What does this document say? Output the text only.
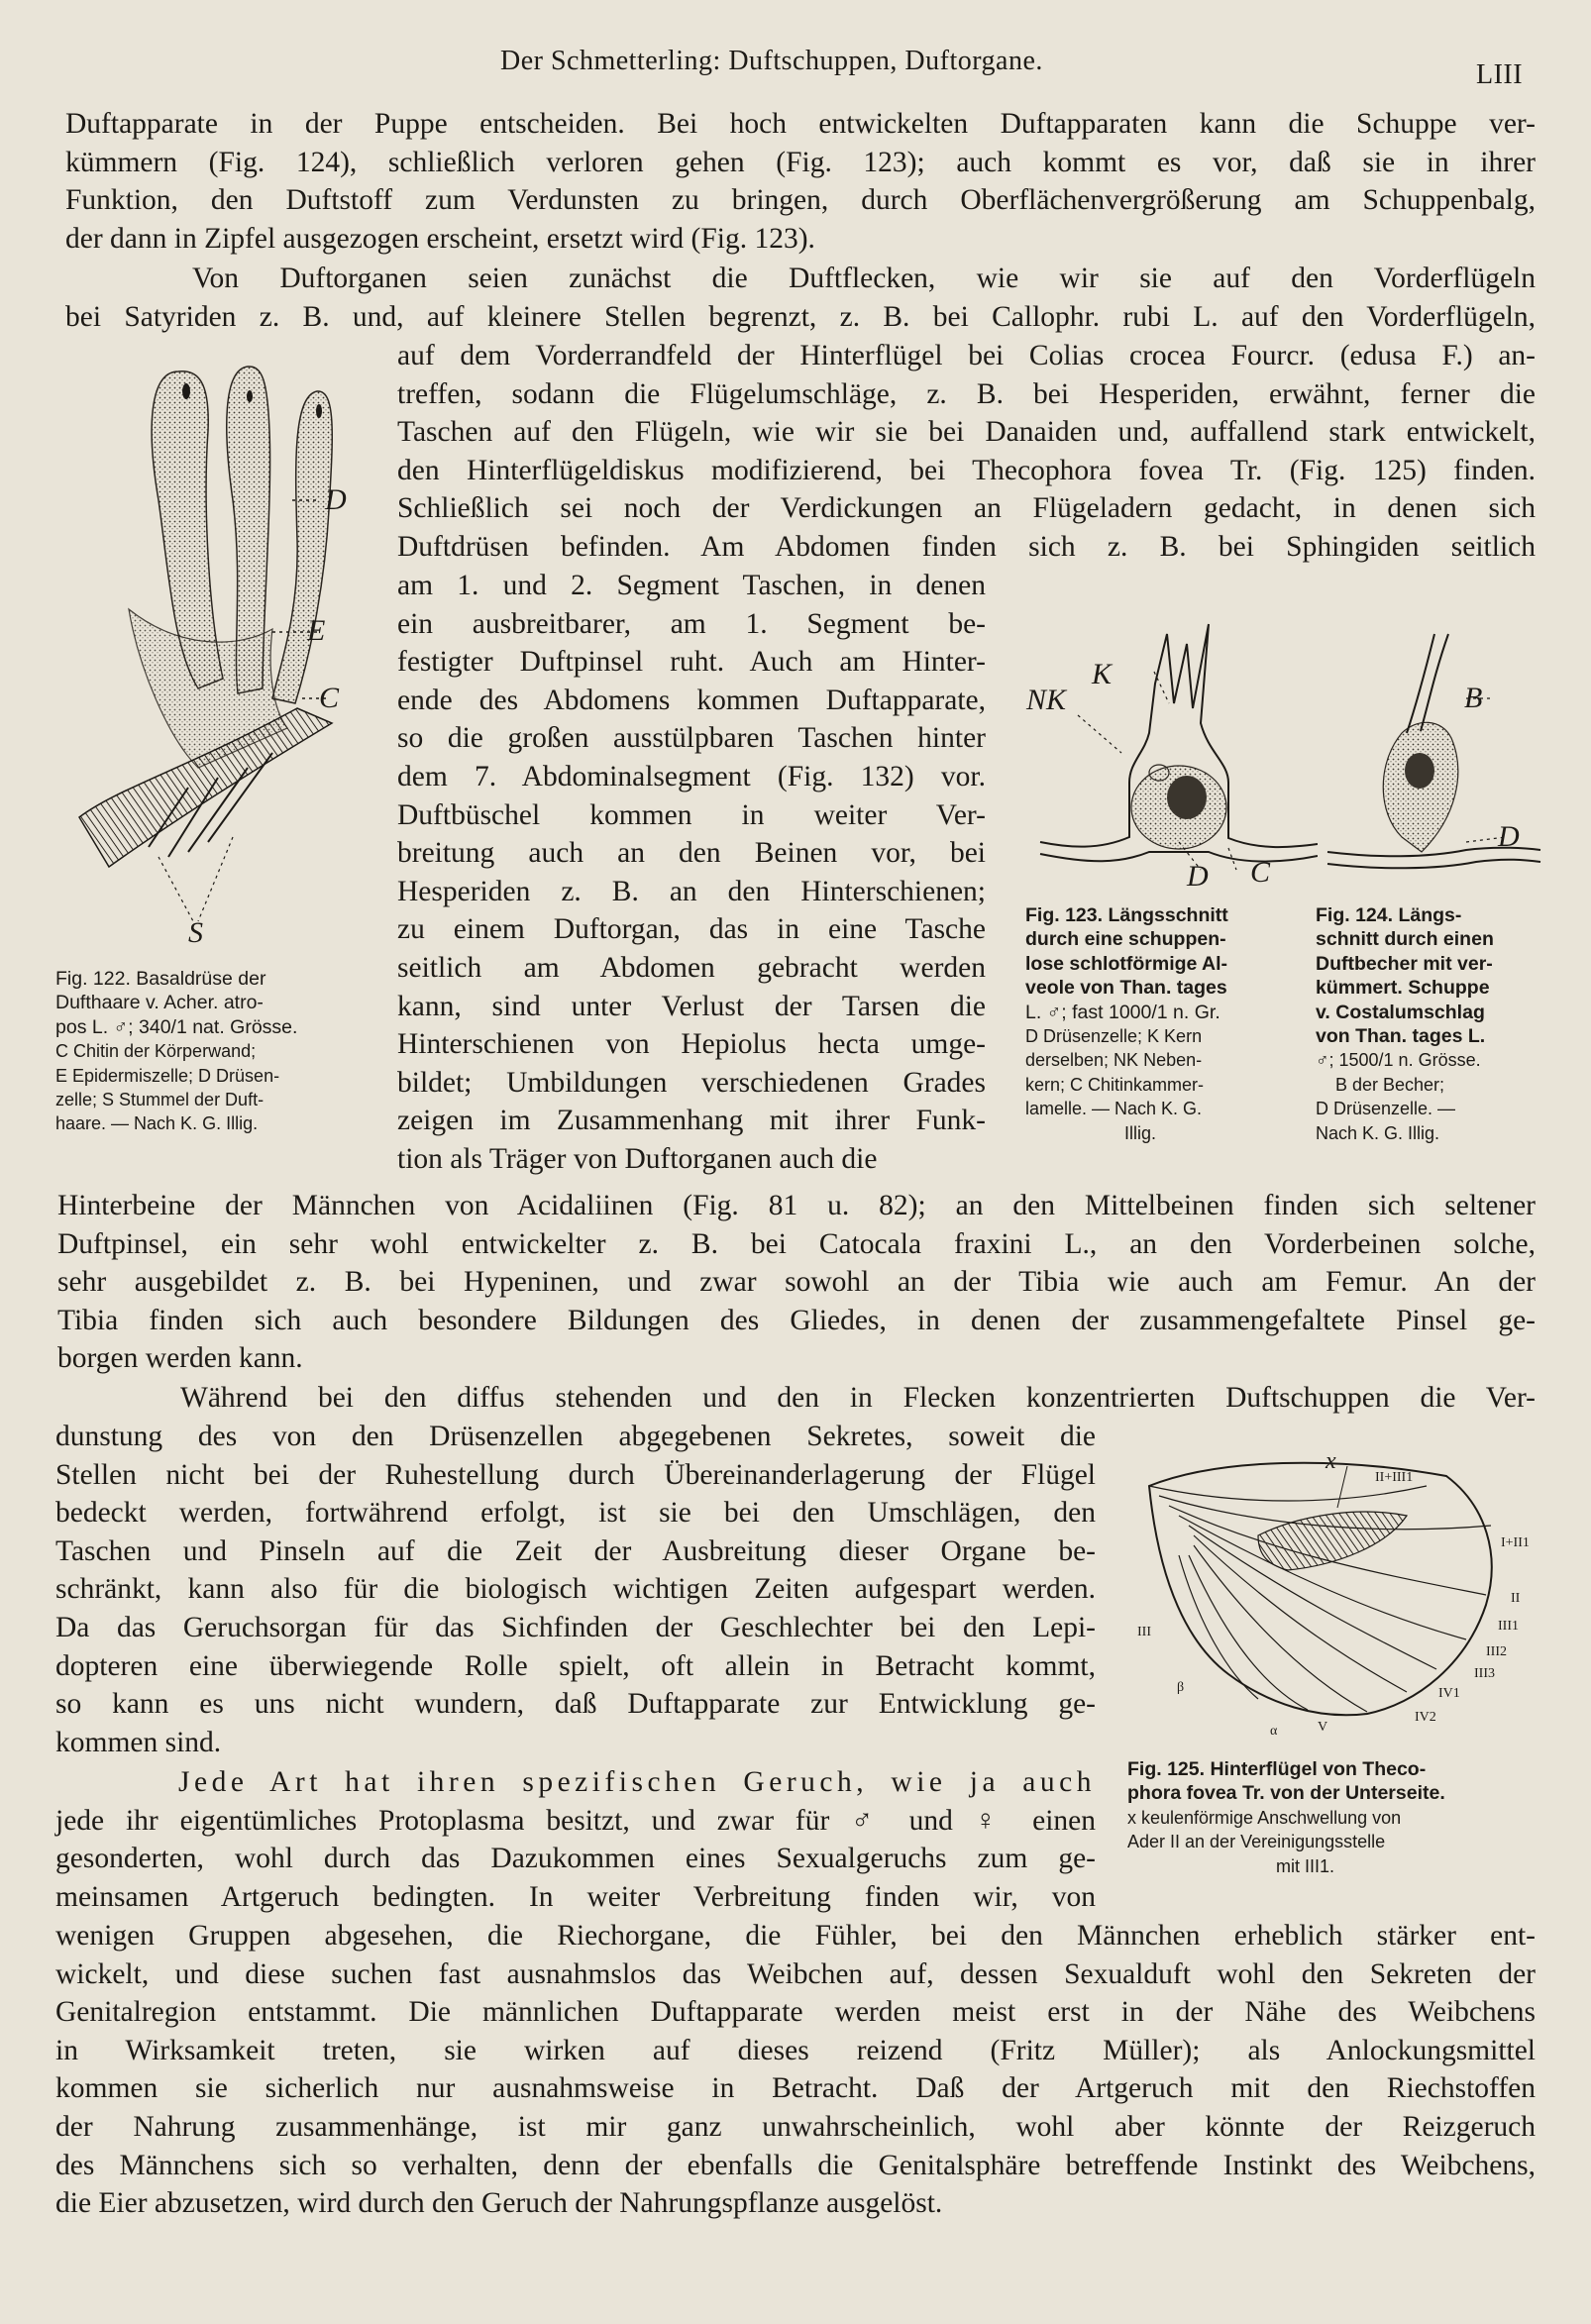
Der Schmetterling: Duftschuppen, Duftorgane.	LIII
Duftapparate in der Puppe entscheiden. Bei hoch entwickelten Duftapparaten kann die Schuppe ver-
kümmern (Fig. 124), schließlich verloren gehen (Fig. 123); auch kommt es vor, daß sie in ihrer
Funktion, den Duftstoff zum Verdunsten zu bringen, durch Oberflächenvergrößerung am Schuppenbalg,
der dann in Zipfel ausgezogen erscheint, ersetzt wird (Fig. 123).
Von Duftorganen seien zunächst die Duftflecken, wie wir sie auf den Vorderflügeln
bei Satyriden z. B. und, auf kleinere Stellen begrenzt, z. B. bei Callophr. rubi L. auf den Vorderflügeln,
auf dem Vorderrandfeld der Hinterflügel bei Colias crocea Fourcr. (edusa F.) an-
treffen, sodann die Flügelumschläge, z. B. bei Hesperiden, erwähnt, ferner die
Taschen auf den Flügeln, wie wir sie bei Danaiden und, auffallend stark entwickelt,
den Hinterflügeldiskus modifizierend, bei Thecophora fovea Tr. (Fig. 125) finden.
Schließlich sei noch der Verdickungen an Flügeladern gedacht, in denen sich
Duftdrüsen befinden. Am Abdomen finden sich z. B. bei Sphingiden seitlich
am 1. und 2. Segment Taschen, in denen
ein ausbreitbarer, am 1. Segment be-
festigter Duftpinsel ruht. Auch am Hinter-
ende des Abdomens kommen Duftapparate,
so die großen ausstülpbaren Taschen hinter
dem 7. Abdominalsegment (Fig. 132) vor.
Duftbüschel kommen in weiter Ver-
breitung auch an den Beinen vor, bei
Hesperiden z. B. an den Hinterschienen;
zu einem Duftorgan, das in eine Tasche
seitlich am Abdomen gebracht werden
kann, sind unter Verlust der Tarsen die
Hinterschienen von Hepiolus hecta umge-
bildet; Umbildungen verschiedenen Grades
zeigen im Zusammenhang mit ihrer Funk-
tion als Träger von Duftorganen auch die
Hinterbeine der Männchen von Acidaliinen (Fig. 81 u. 82); an den Mittelbeinen finden sich seltener
Duftpinsel, ein sehr wohl entwickelter z. B. bei Catocala fraxini L., an den Vorderbeinen solche,
sehr ausgebildet z. B. bei Hypeninen, und zwar sowohl an der Tibia wie auch am Femur. An der
Tibia finden sich auch besondere Bildungen des Gliedes, in denen der zusammengefaltete Pinsel ge-
borgen werden kann.
Während bei den diffus stehenden und den in Flecken konzentrierten Duftschuppen die Ver-
dunstung des von den Drüsenzellen abgegebenen Sekretes, soweit die
Stellen nicht bei der Ruhestellung durch Übereinanderlagerung der Flügel
bedeckt werden, fortwährend erfolgt, ist sie bei den Umschlägen, den
Taschen und Pinseln auf die Zeit der Ausbreitung dieser Organe be-
schränkt, kann also für die biologisch wichtigen Zeiten aufgespart werden.
Da das Geruchsorgan für das Sichfinden der Geschlechter bei den Lepi-
dopteren eine überwiegende Rolle spielt, oft allein in Betracht kommt,
so kann es uns nicht wundern, daß Duftapparate zur Entwicklung ge-
kommen sind.
Jede Art hat ihren spezifischen Geruch, wie ja auch
jede ihr eigentümliches Protoplasma besitzt, und zwar für ♂ und ♀ einen
gesonderten, wohl durch das Dazukommen eines Sexualgeruchs zum ge-
meinsamen Artgeruch bedingten. In weiter Verbreitung finden wir, von
wenigen Gruppen abgesehen, die Riechorgane, die Fühler, bei den Männchen erheblich stärker ent-
wickelt, und diese suchen fast ausnahmslos das Weibchen auf, dessen Sexualduft wohl den Sekreten der
Genitalregion entstammt. Die männlichen Duftapparate werden meist erst in der Nähe des Weibchens
in Wirksamkeit treten, sie wirken auf dieses reizend (Fritz Müller); als Anlockungsmittel
kommen sie sicherlich nur ausnahmsweise in Betracht. Daß der Artgeruch mit den Riechstoffen
der Nahrung zusammenhänge, ist mir ganz unwahrscheinlich, wohl aber könnte der Reizgeruch
des Männchens sich so verhalten, denn der ebenfalls die Genitalsphäre betreffende Instinkt des Weibchens,
die Eier abzusetzen, wird durch den Geruch der Nahrungspflanze ausgelöst.
D
E
C
S
Fig. 122. Basaldrüse der
Dufthaare v. Acher. atro-
pos L. ♂; 340/1 nat. Grösse.
C Chitin der Körperwand;
E Epidermiszelle; D Drüsen-
zelle; S Stummel der Duft-
haare. — Nach K. G. Illig.
K
NK
D C
Fig. 123. Längsschnitt
durch eine schuppen-
lose schlotförmige Al-
veole von Than. tages
L. ♂; fast 1000/1 n. Gr.
D Drüsenzelle; K Kern
derselben; NK Neben-
kern; C Chitinkammer-
lamelle. — Nach K. G.
Illig.
B
D
Fig. 124. Längs-
schnitt durch einen
Duftbecher mit ver-
kümmert. Schuppe
v. Costalumschlag
von Than. tages L.
♂; 1500/1 n. Grösse.
B der Becher;
D Drüsenzelle. —
Nach K. G. Illig.
x
II+III1
I+II1
II
III	III1
III2
III3
IV1
IV2
V
β
α
Fig. 125. Hinterflügel von Theco-
phora fovea Tr. von der Unterseite.
x keulenförmige Anschwellung von
Ader II an der Vereinigungsstelle
mit III1.
